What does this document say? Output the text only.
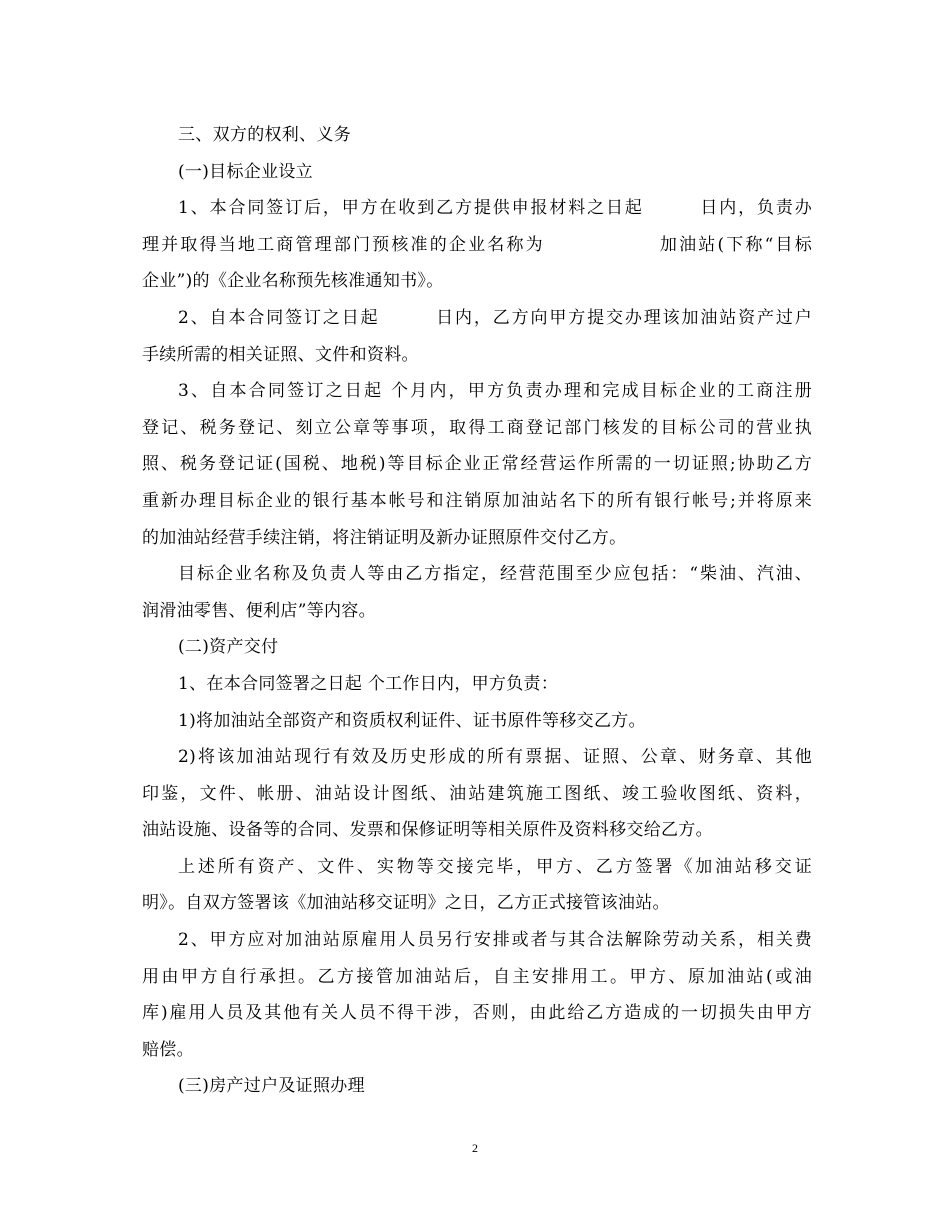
三、双方的权利、义务
(一)目标企业设立
1、本合同签订后，甲方在收到乙方提供申报材料之日起　　　日内，负责办
理并取得当地工商管理部门预核准的企业名称为　　　　　　加油站(下称“目标
企业”)的《企业名称预先核准通知书》。
2、自本合同签订之日起　　　日内，乙方向甲方提交办理该加油站资产过户
手续所需的相关证照、文件和资料。
3、自本合同签订之日起 个月内，甲方负责办理和完成目标企业的工商注册
登记、税务登记、刻立公章等事项，取得工商登记部门核发的目标公司的营业执
照、税务登记证(国税、地税)等目标企业正常经营运作所需的一切证照;协助乙方
重新办理目标企业的银行基本帐号和注销原加油站名下的所有银行帐号;并将原来
的加油站经营手续注销，将注销证明及新办证照原件交付乙方。
目标企业名称及负责人等由乙方指定，经营范围至少应包括：“柴油、汽油、
润滑油零售、便利店”等内容。
(二)资产交付
1、在本合同签署之日起 个工作日内，甲方负责：
1)将加油站全部资产和资质权利证件、证书原件等移交乙方。
2)将该加油站现行有效及历史形成的所有票据、证照、公章、财务章、其他
印鉴，文件、帐册、油站设计图纸、油站建筑施工图纸、竣工验收图纸、资料，
油站设施、设备等的合同、发票和保修证明等相关原件及资料移交给乙方。
上述所有资产、文件、实物等交接完毕，甲方、乙方签署《加油站移交证
明》。自双方签署该《加油站移交证明》之日，乙方正式接管该油站。
2、甲方应对加油站原雇用人员另行安排或者与其合法解除劳动关系，相关费
用由甲方自行承担。乙方接管加油站后，自主安排用工。甲方、原加油站(或油
库)雇用人员及其他有关人员不得干涉，否则，由此给乙方造成的一切损失由甲方
赔偿。
(三)房产过户及证照办理
2
